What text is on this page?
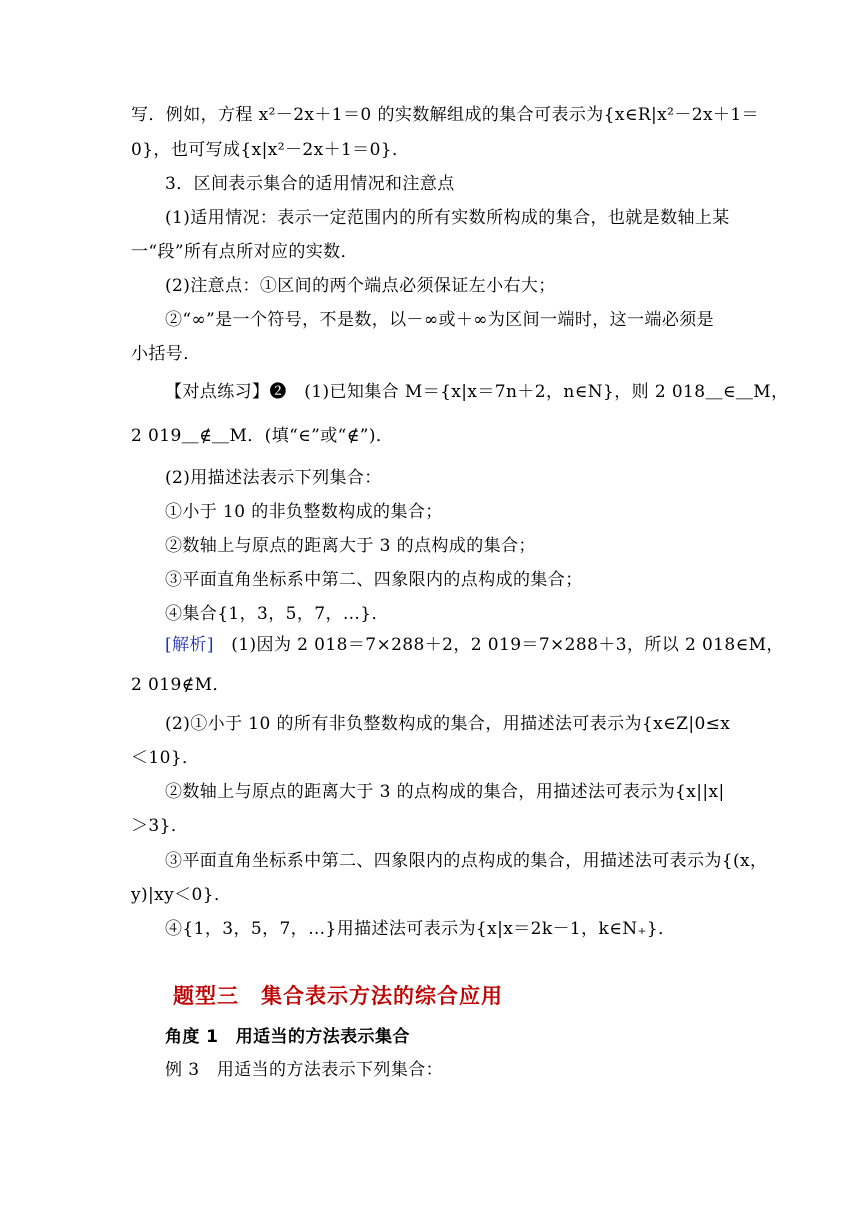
写．例如，方程 x²－2x＋1＝0 的实数解组成的集合可表示为{x∈R|x²－2x＋1＝
0}，也可写成{x|x²－2x＋1＝0}．
3．区间表示集合的适用情况和注意点
(1)适用情况：表示一定范围内的所有实数所构成的集合，也就是数轴上某
一“段”所有点所对应的实数．
(2)注意点：①区间的两个端点必须保证左小右大；
②“∞”是一个符号，不是数，以－∞或＋∞为区间一端时，这一端必须是
小括号．
【对点练习】❷　(1)已知集合 M＝{x|x＝7n＋2，n∈N}，则 2 018＿∈＿M，
2 019＿∉＿M．(填“∈”或“∉”)．
(2)用描述法表示下列集合：
①小于 10 的非负整数构成的集合；
②数轴上与原点的距离大于 3 的点构成的集合；
③平面直角坐标系中第二、四象限内的点构成的集合；
④集合{1，3，5，7，…}．
[解析]　 (1)因为 2 018＝7×288＋2，2 019＝7×288＋3，所以 2 018∈M，
2 019∉M．
(2)①小于 10 的所有非负整数构成的集合，用描述法可表示为{x∈Z|0≤x
＜10}．
②数轴上与原点的距离大于 3 的点构成的集合，用描述法可表示为{x||x|
＞3}．
③平面直角坐标系中第二、四象限内的点构成的集合，用描述法可表示为{(x，
y)|xy＜0}．
④{1，3，5，7，…}用描述法可表示为{x|x＝2k－1，k∈N₊}．
题型三　集合表示方法的综合应用
角度 1　用适当的方法表示集合
例 3　用适当的方法表示下列集合：
